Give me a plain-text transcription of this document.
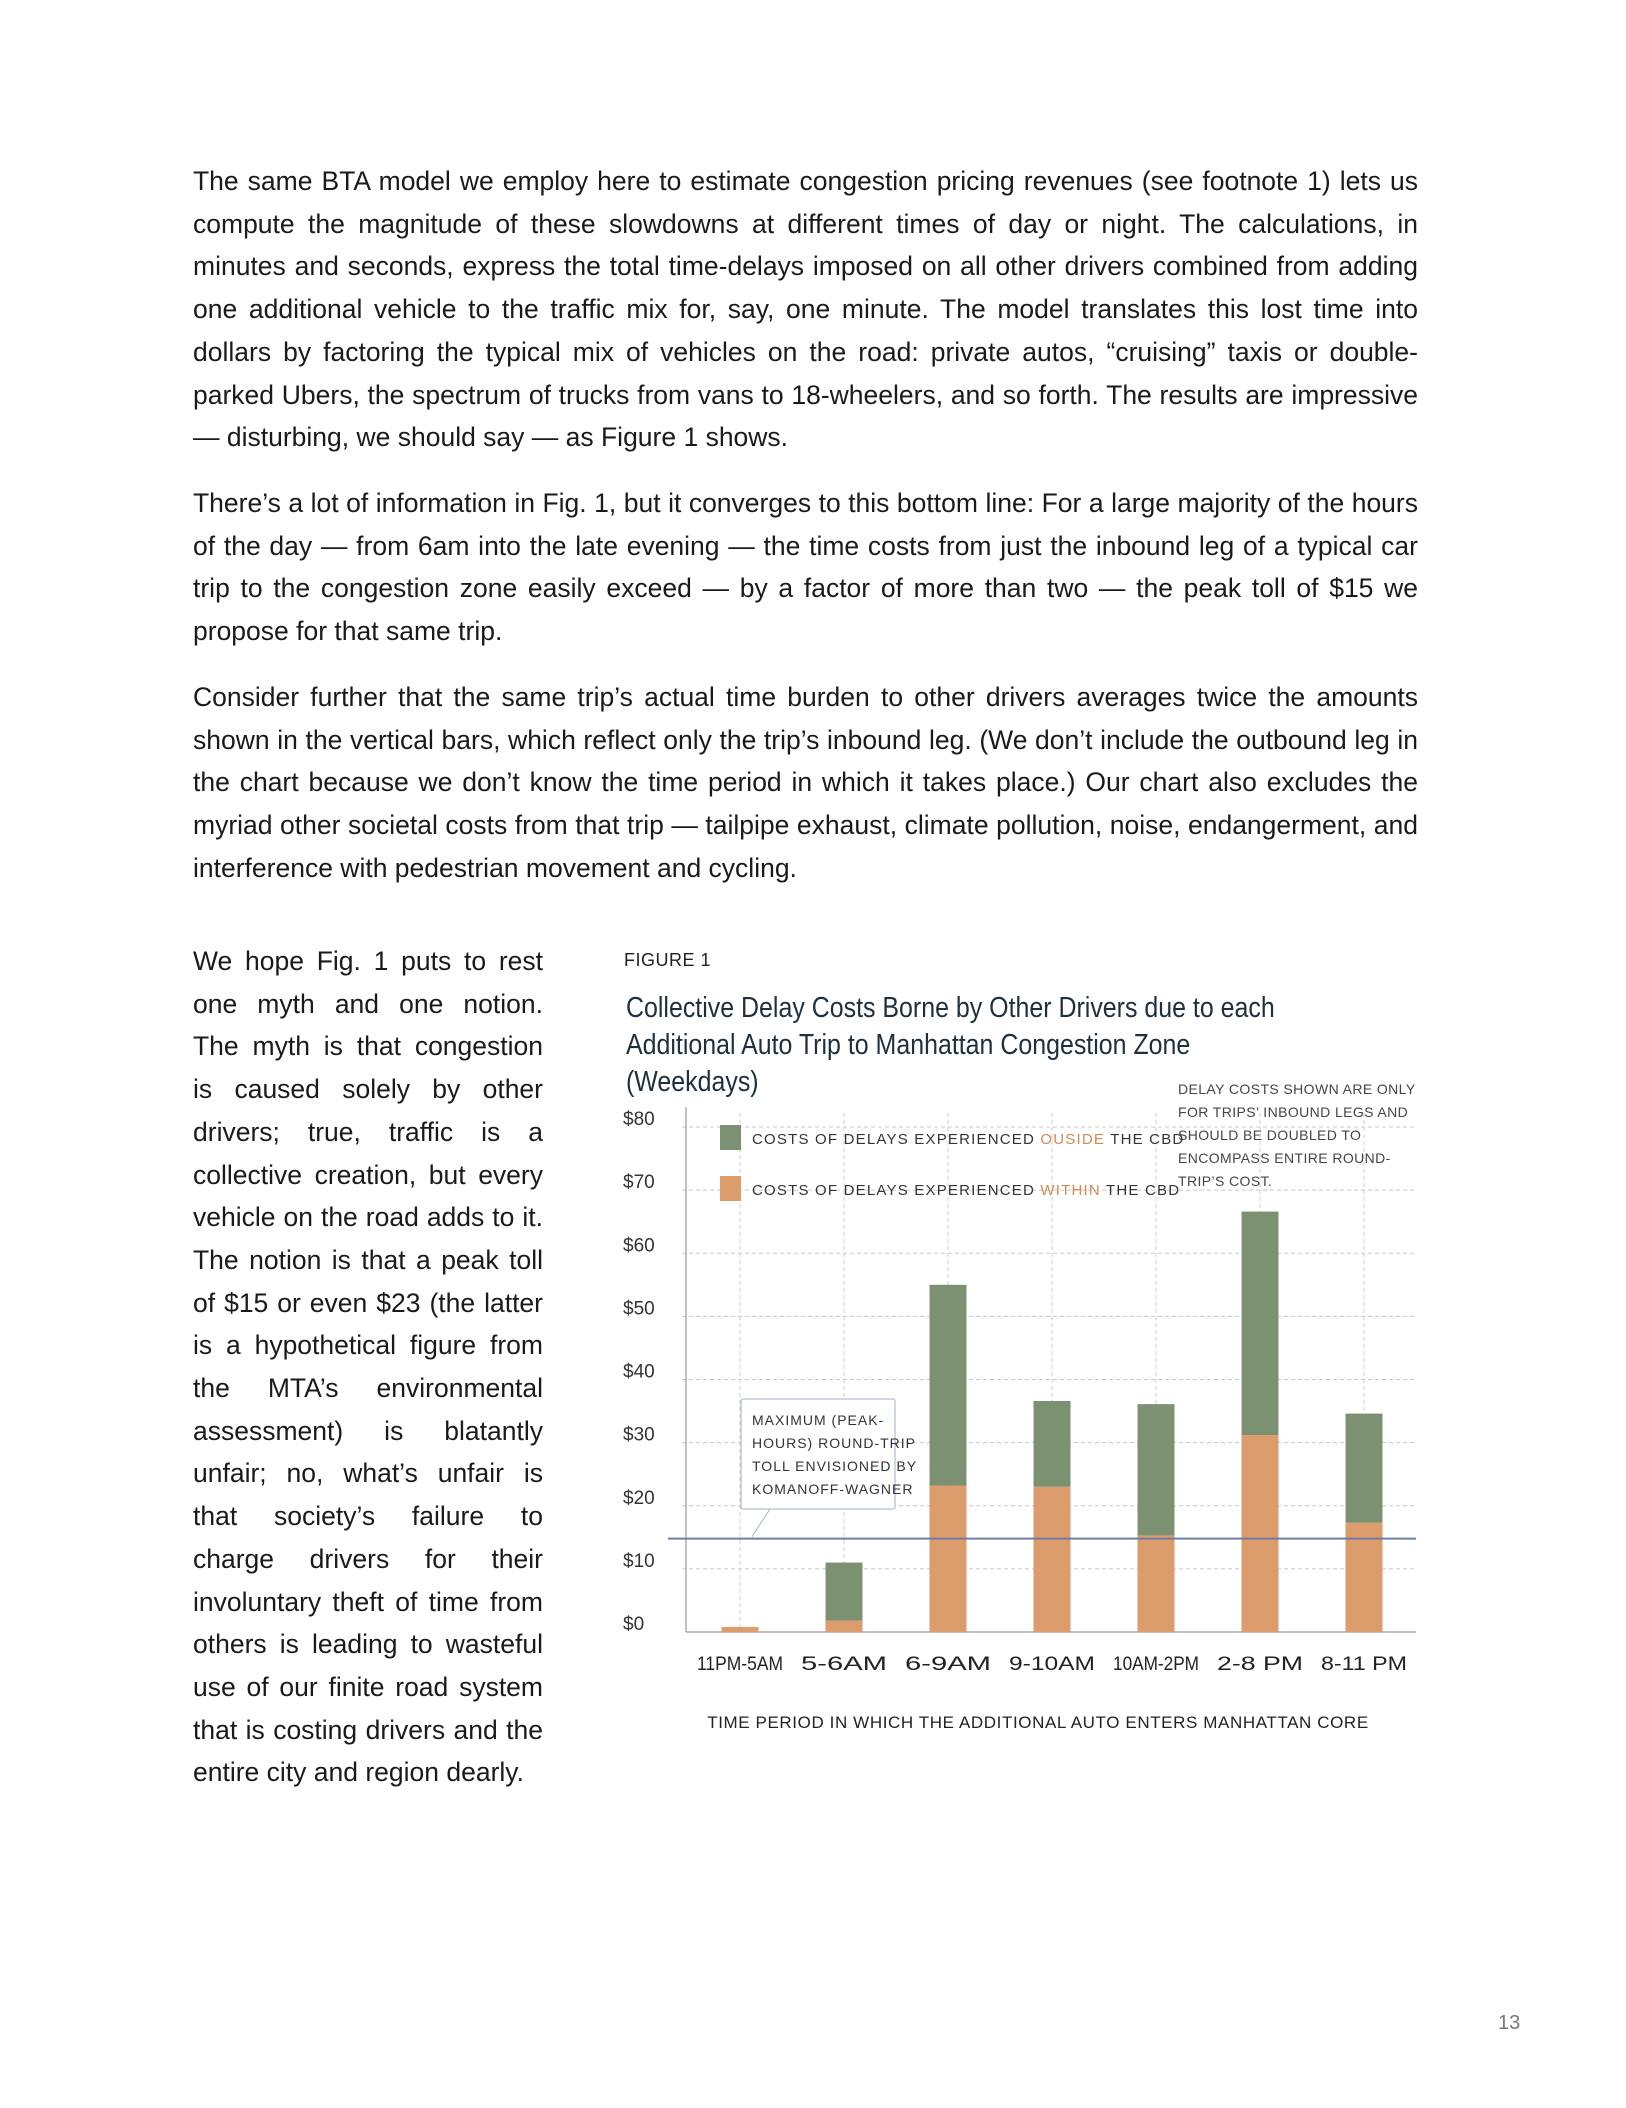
The same BTA model we employ here to estimate congestion pricing revenues (see footnote 1) lets us compute the magnitude of these slowdowns at different times of day or night. The calculations, in minutes and seconds, express the total time-delays imposed on all other drivers combined from adding one additional vehicle to the traffic mix for, say, one minute. The model translates this lost time into dollars by factoring the typical mix of vehicles on the road: private autos, “cruising” taxis or double-parked Ubers, the spectrum of trucks from vans to 18-wheelers, and so forth. The results are impressive — disturbing, we should say — as Figure 1 shows.

There’s a lot of information in Fig. 1, but it converges to this bottom line: For a large majority of the hours of the day — from 6am into the late evening — the time costs from just the inbound leg of a typical car trip to the congestion zone easily exceed — by a factor of more than two — the peak toll of $15 we propose for that same trip.

Consider further that the same trip’s actual time burden to other drivers averages twice the amounts shown in the vertical bars, which reflect only the trip’s inbound leg. (We don’t include the outbound leg in the chart because we don’t know the time period in which it takes place.) Our chart also excludes the myriad other societal costs from that trip — tailpipe exhaust, climate pollution, noise, endangerment, and interference with pedestrian movement and cycling.

We hope Fig. 1 puts to rest one myth and one notion. The myth is that congestion is caused solely by other drivers; true, traffic is a collective creation, but every vehicle on the road adds to it. The notion is that a peak toll of $15 or even $23 (the latter is a hypothetical figure from the MTA’s environmental assessment) is blatantly unfair; no, what’s unfair is that society’s failure to charge drivers for their involuntary theft of time from others is leading to wasteful use of our finite road system that is costing drivers and the entire city and region dearly.

FIGURE 1
Collective Delay Costs Borne by Other Drivers due to each Additional Auto Trip to Manhattan Congestion Zone (Weekdays)	DELAY COSTS SHOWN ARE ONLY FOR TRIPS’ INBOUND LEGS AND SHOULD BE DOUBLED TO ENCOMPASS ENTIRE ROUND-TRIP’S COST.
$0
$10
$20
$30
$40
$50
$60
$70
$80
11PM-5AM 5-6AM 6-9AM 9-10AM 10AM-2PM 2-8 PM 8-11 PM
MAXIMUM (PEAK-
HOURS) ROUND-TRIP
TOLL ENVISIONED BY
KOMANOFF-WAGNER
COSTS OF DELAYS EXPERIENCED OUSIDE THE CBD
COSTS OF DELAYS EXPERIENCED WITHIN THE CBD
TIME PERIOD IN WHICH THE ADDITIONAL AUTO ENTERS MANHATTAN CORE
13
